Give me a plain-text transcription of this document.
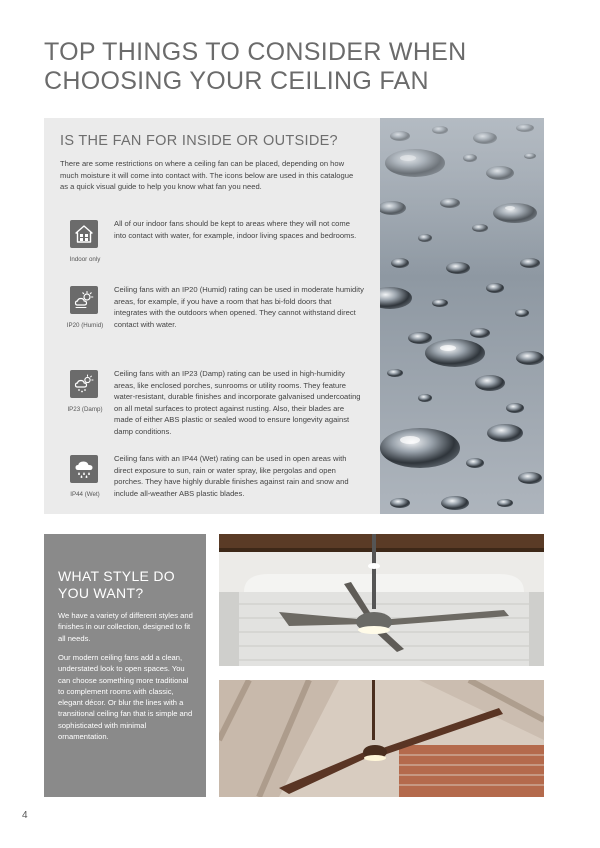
TOP THINGS TO CONSIDER WHEN
CHOOSING YOUR CEILING FAN
IS THE FAN FOR INSIDE OR OUTSIDE?

There are some restrictions on where a ceiling fan can be placed, depending on how much moisture it will come into contact with. The icons below are used in this catalogue as a quick visual guide to help you know what fan you need.

Indoor only

All of our indoor fans should be kept to areas where they will not come into contact with water, for example, indoor living spaces and bedrooms.

IP20 (Humid)

Ceiling fans with an IP20 (Humid) rating can be used in moderate humidity areas, for example, if you have a room that has bi-fold doors that integrates with the outdoors when opened. They cannot withstand direct contact with water.

IP23 (Damp)

Ceiling fans with an IP23 (Damp) rating can be used in high-humidity areas, like enclosed porches, sunrooms or utility rooms. They feature water-resistant, durable finishes and incorporate galvanised undercoating on all metal surfaces to protect against rusting. Also, their blades are made of either ABS plastic or sealed wood to ensure longevity against damp conditions.

IP44 (Wet)

Ceiling fans with an IP44 (Wet) rating can be used in open areas with direct exposure to sun, rain or water spray, like pergolas and open porches. They have highly durable finishes against rain and snow and include all-weather ABS plastic blades.

WHAT STYLE DO YOU WANT?

We have a variety of different styles and finishes in our collection, designed to fit all needs.

Our modern ceiling fans add a clean, understated look to open spaces. You can choose something more traditional to complement rooms with classic, elegant décor. Or blur the lines with a transitional ceiling fan that is simple and sophisticated with minimal ornamentation.

4
